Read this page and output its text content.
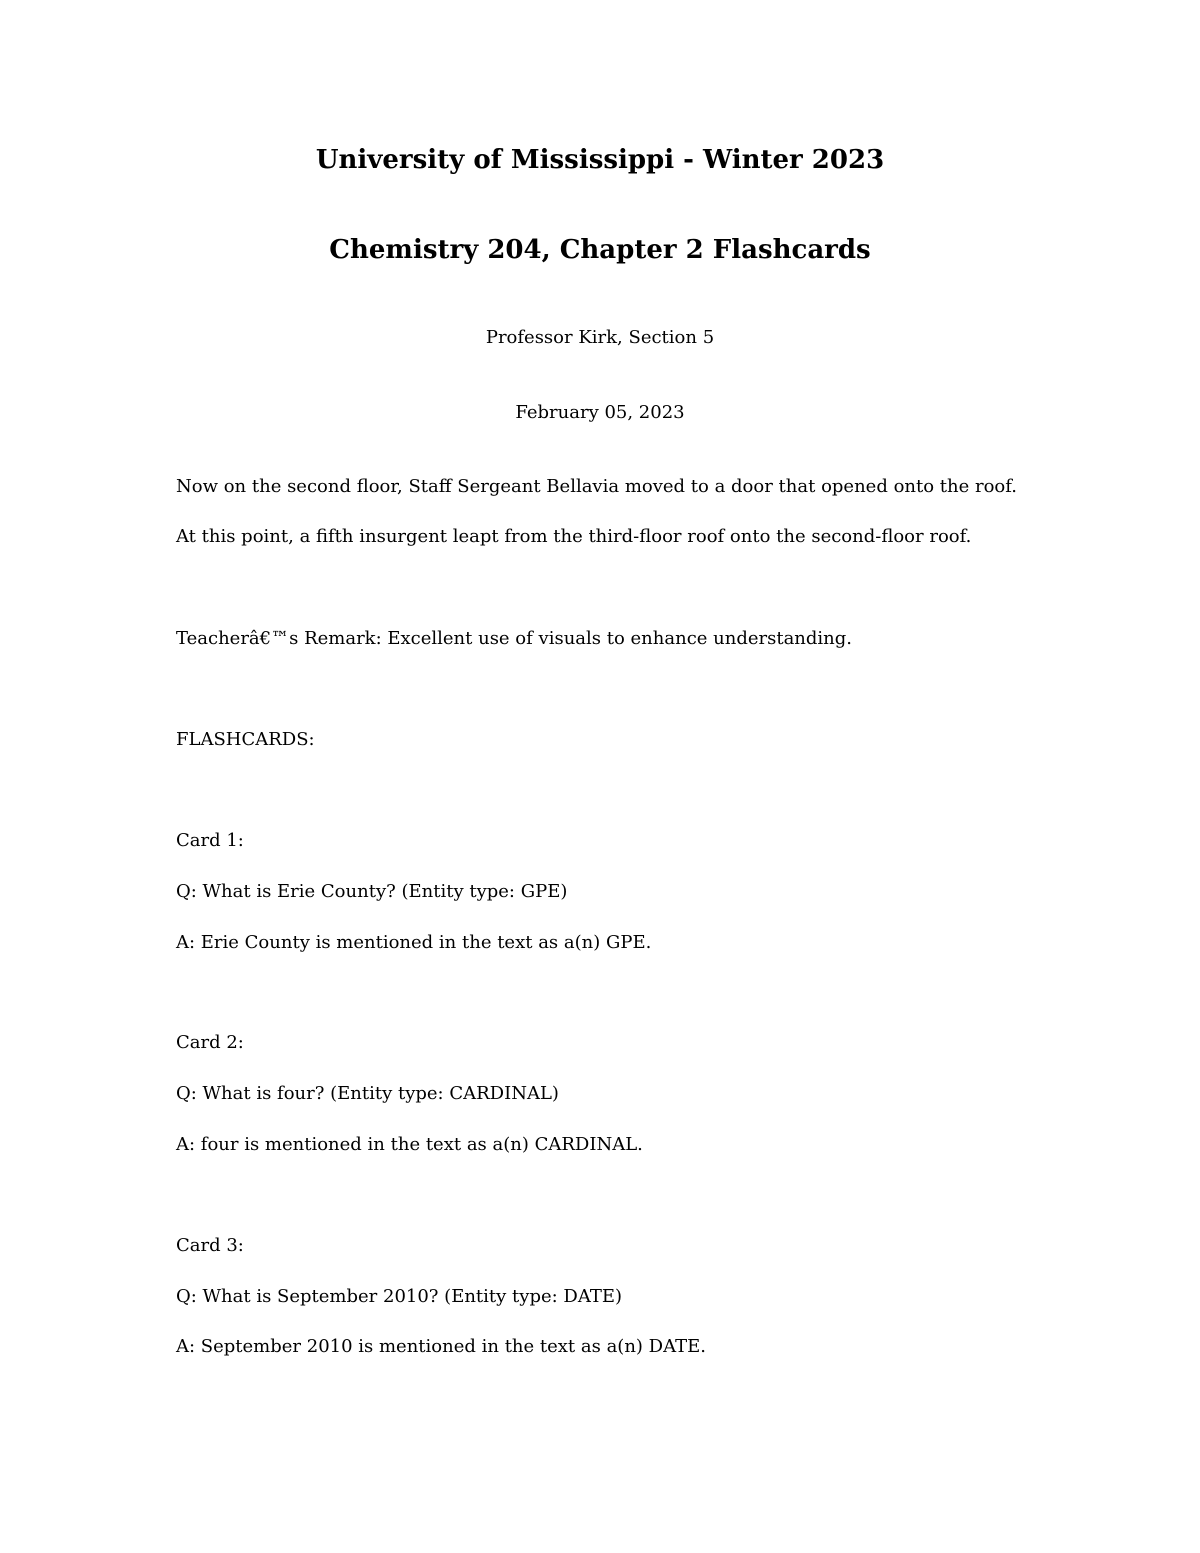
University of Mississippi - Winter 2023
Chemistry 204, Chapter 2 Flashcards
Professor Kirk, Section 5
February 05, 2023
Now on the second floor, Staff Sergeant Bellavia moved to a door that opened onto the roof.
At this point, a fifth insurgent leapt from the third-floor roof onto the second-floor roof.
Teacherâ€™s Remark: Excellent use of visuals to enhance understanding.
FLASHCARDS:
Card 1:
Q: What is Erie County? (Entity type: GPE)
A: Erie County is mentioned in the text as a(n) GPE.
Card 2:
Q: What is four? (Entity type: CARDINAL)
A: four is mentioned in the text as a(n) CARDINAL.
Card 3:
Q: What is September 2010? (Entity type: DATE)
A: September 2010 is mentioned in the text as a(n) DATE.
